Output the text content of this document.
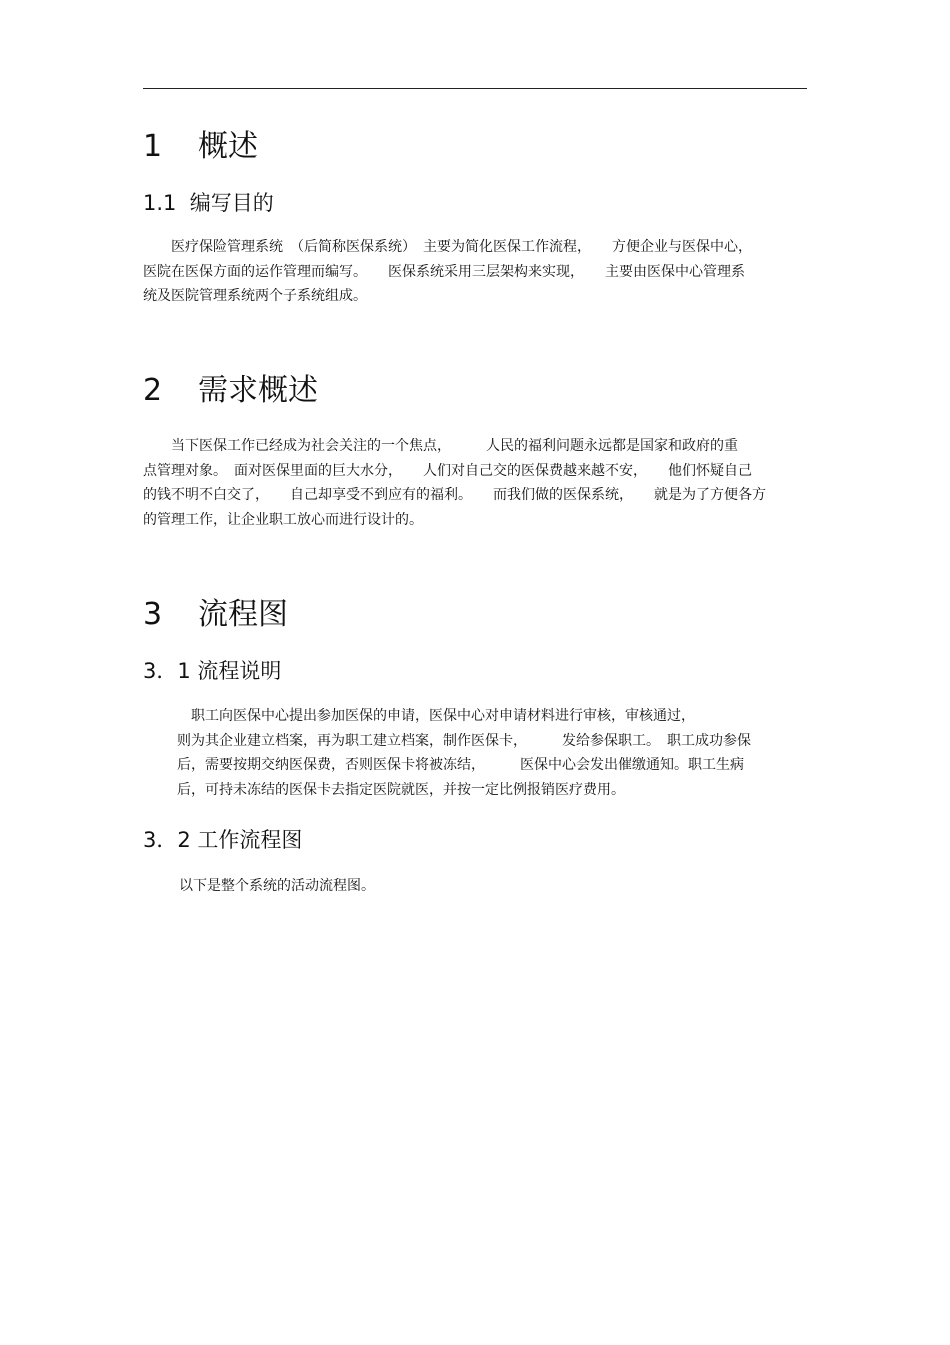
1 概述
1.1 编写目的
　　医疗保险管理系统　（后简称医保系统）　主要为简化医保工作流程，　　方便企业与医保中心，
医院在医保方面的运作管理而编写。　　医保系统采用三层架构来实现，　　主要由医保中心管理系
统及医院管理系统两个子系统组成。
2 需求概述
　　当下医保工作已经成为社会关注的一个焦点，　　　人民的福利问题永远都是国家和政府的重
点管理对象。　面对医保里面的巨大水分，　　人们对自己交的医保费越来越不安，　　他们怀疑自己
的钱不明不白交了，　　自己却享受不到应有的福利。　　而我们做的医保系统，　　就是为了方便各方
的管理工作，让企业职工放心而进行设计的。
3 流程图
3．1 流程说明
　职工向医保中心提出参加医保的申请，医保中心对申请材料进行审核，审核通过，
则为其企业建立档案，再为职工建立档案，制作医保卡，　　　发给参保职工。　职工成功参保
后，需要按期交纳医保费，否则医保卡将被冻结，　　　医保中心会发出催缴通知。职工生病
后，可持未冻结的医保卡去指定医院就医，并按一定比例报销医疗费用。
3．2 工作流程图
以下是整个系统的活动流程图。
